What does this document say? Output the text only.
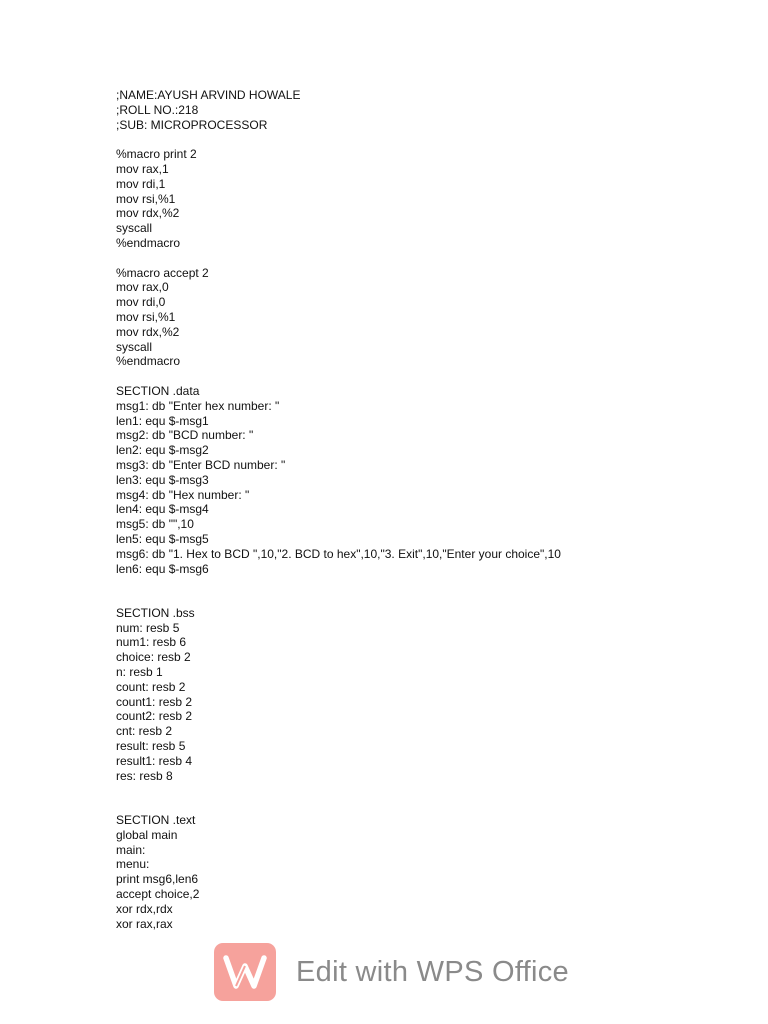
;NAME:AYUSH ARVIND HOWALE
;ROLL NO.:218
;SUB: MICROPROCESSOR
%macro print 2
mov rax,1
mov rdi,1
mov rsi,%1
mov rdx,%2
syscall
%endmacro
%macro accept 2
mov rax,0
mov rdi,0
mov rsi,%1
mov rdx,%2
syscall
%endmacro
SECTION .data
msg1: db "Enter hex number: "
len1: equ $-msg1
msg2: db "BCD number: "
len2: equ $-msg2
msg3: db "Enter BCD number: "
len3: equ $-msg3
msg4: db "Hex number: "
len4: equ $-msg4
msg5: db "",10
len5: equ $-msg5
msg6: db "1. Hex to BCD ",10,"2. BCD to hex",10,"3. Exit",10,"Enter your choice",10
len6: equ $-msg6
SECTION .bss
num: resb 5
num1: resb 6
choice: resb 2
n: resb 1
count: resb 2
count1: resb 2
count2: resb 2
cnt: resb 2
result: resb 5
result1: resb 4
res: resb 8
SECTION .text
global main
main:
menu:
print msg6,len6
accept choice,2
xor rdx,rdx
xor rax,rax
Edit with WPS Office
